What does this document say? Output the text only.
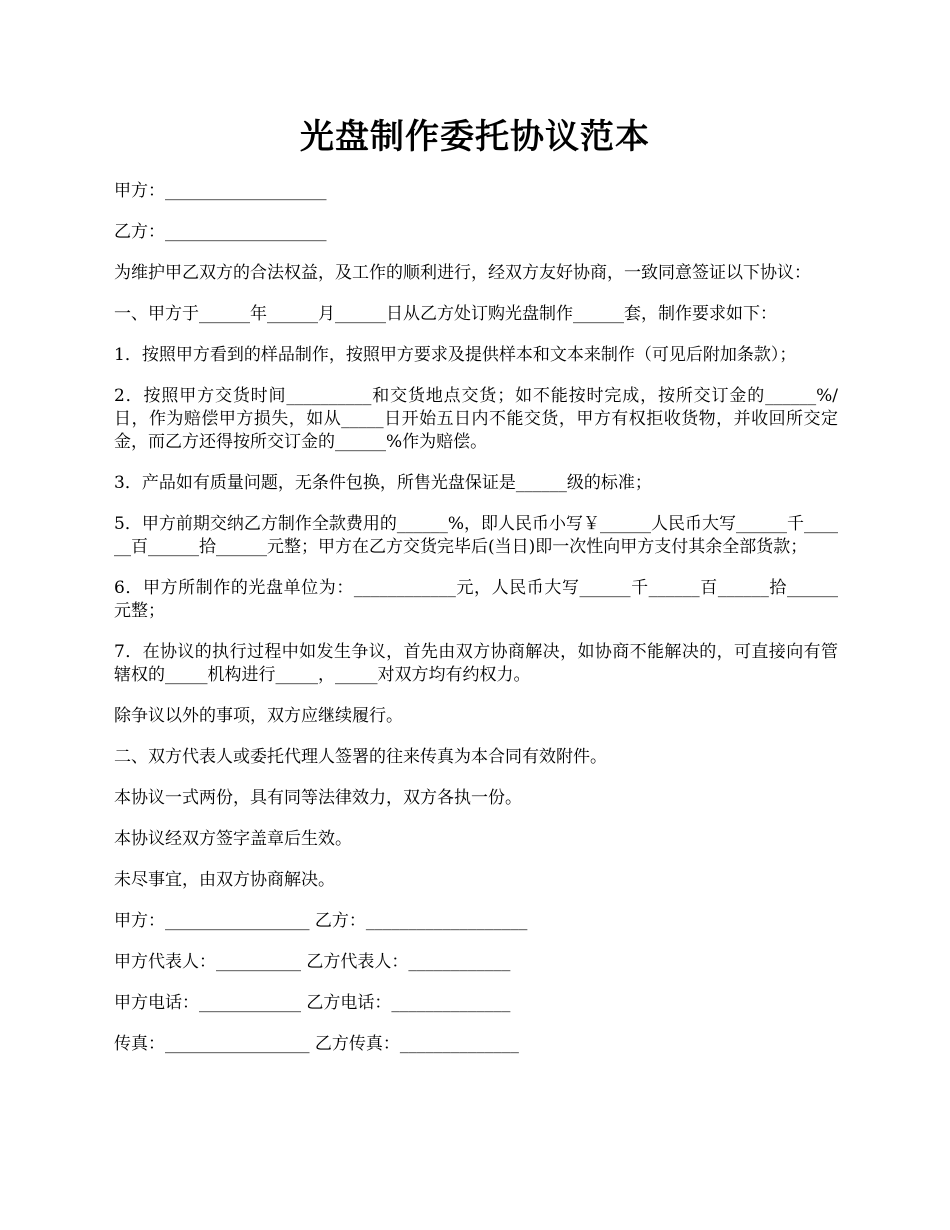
光盘制作委托协议范本

甲方：___________________

乙方：___________________

为维护甲乙双方的合法权益，及工作的顺利进行，经双方友好协商，一致同意签证以下协议：

一、甲方于______年______月______日从乙方处订购光盘制作______套，制作要求如下：

1．按照甲方看到的样品制作，按照甲方要求及提供样本和文本来制作（可见后附加条款）；

2．按照甲方交货时间__________和交货地点交货；如不能按时完成，按所交订金的______%/日，作为赔偿甲方损失，如从_____日开始五日内不能交货，甲方有权拒收货物，并收回所交定金，而乙方还得按所交订金的______%作为赔偿。

3．产品如有质量问题，无条件包换，所售光盘保证是______级的标准；

5．甲方前期交纳乙方制作全款费用的______%，即人民币小写￥______人民币大写______千______百______拾______元整；甲方在乙方交货完毕后(当日)即一次性向甲方支付其余全部货款；

6．甲方所制作的光盘单位为：____________元，人民币大写______千______百______拾______元整；

7．在协议的执行过程中如发生争议，首先由双方协商解决，如协商不能解决的，可直接向有管辖权的_____机构进行_____，_____对双方均有约权力。

除争议以外的事项，双方应继续履行。

二、双方代表人或委托代理人签署的往来传真为本合同有效附件。

本协议一式两份，具有同等法律效力，双方各执一份。

本协议经双方签字盖章后生效。

未尽事宜，由双方协商解决。

甲方：_________________ 乙方：___________________

甲方代表人：__________ 乙方代表人：____________

甲方电话：____________ 乙方电话：______________

传真：_________________ 乙方传真：______________
